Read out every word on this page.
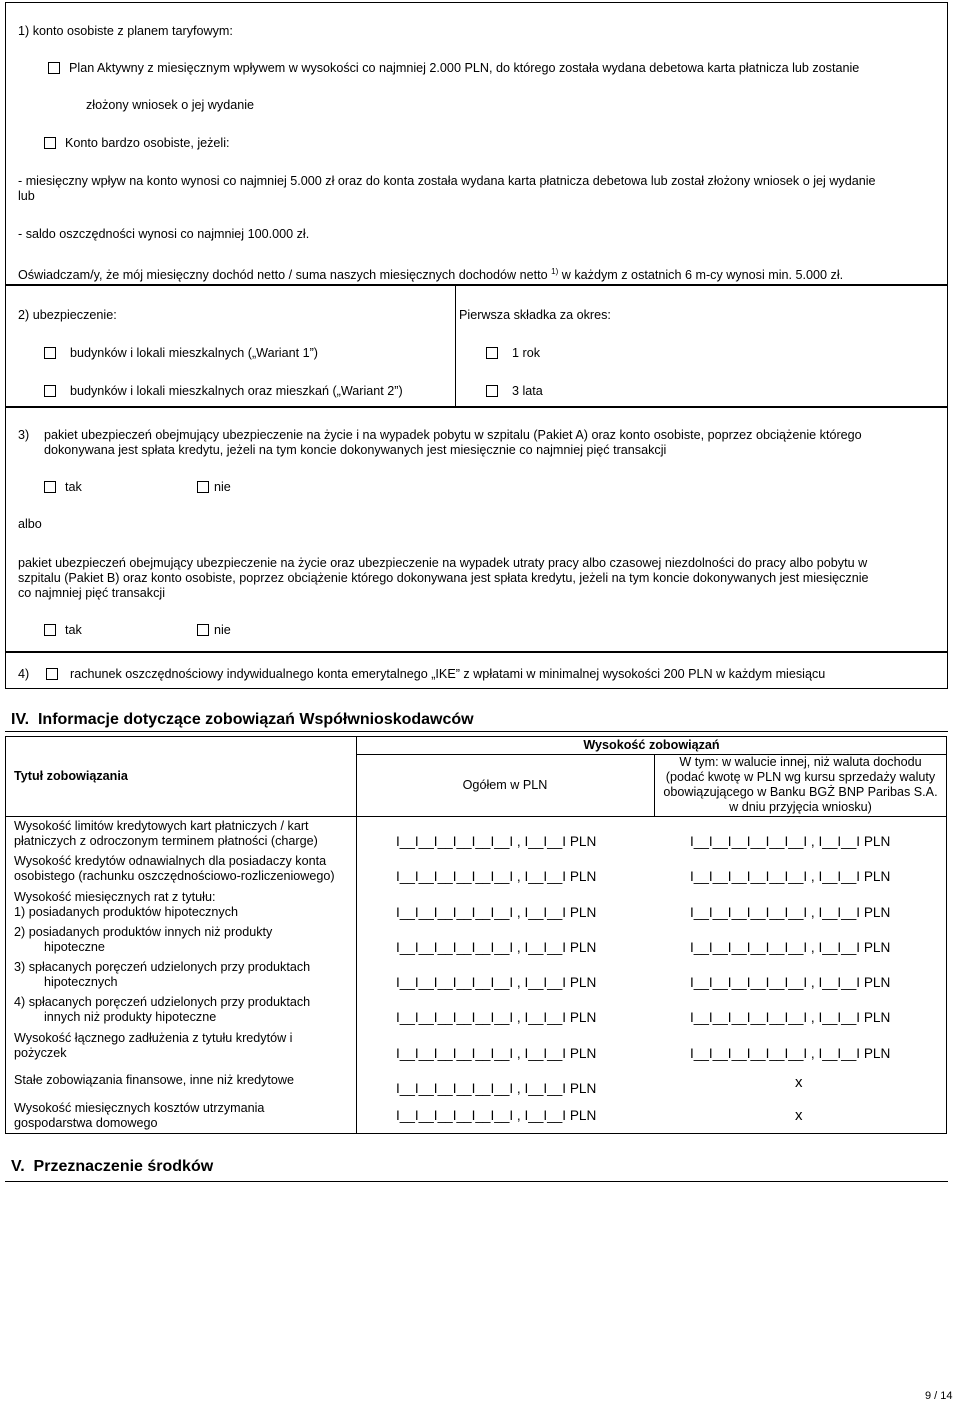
1) konto osobiste z planem taryfowym:
Plan Aktywny z miesięcznym wpływem w wysokości co najmniej 2.000 PLN, do którego została wydana debetowa karta płatnicza lub zostanie
złożony wniosek o jej wydanie
Konto bardzo osobiste, jeżeli:
- miesięczny wpływ na konto wynosi co najmniej 5.000 zł oraz do konta została wydana karta płatnicza debetowa lub został złożony wniosek o jej wydanie
lub
- saldo oszczędności wynosi co najmniej 100.000 zł.
Oświadczam/y, że mój miesięczny dochód netto / suma naszych miesięcznych dochodów netto $^{1)}$ w każdym z ostatnich 6 m-cy wynosi min. 5.000 zł.
2) ubezpieczenie:	Pierwsza składka za okres:
budynków i lokali mieszkalnych („Wariant 1”)
budynków i lokali mieszkalnych oraz mieszkań („Wariant 2”)
1 rok
3 lata
3) pakiet ubezpieczeń obejmujący ubezpieczenie na życie i na wypadek pobytu w szpitalu (Pakiet A) oraz konto osobiste, poprzez obciążenie którego
dokonywana jest spłata kredytu, jeżeli na tym koncie dokonywanych jest miesięcznie co najmniej pięć transakcji
tak	nie
albo
pakiet ubezpieczeń obejmujący ubezpieczenie na życie oraz ubezpieczenie na wypadek utraty pracy albo czasowej niezdolności do pracy albo pobytu w
szpitalu (Pakiet B) oraz konto osobiste, poprzez obciążenie którego dokonywana jest spłata kredytu, jeżeli na tym koncie dokonywanych jest miesięcznie
co najmniej pięć transakcji
tak	nie
4)	rachunek oszczędnościowy indywidualnego konta emerytalnego „IKE” z wpłatami w minimalnej wysokości 200 PLN w każdym miesiącu
IV. Informacje dotyczące zobowiązań Współwnioskodawców
Tytuł zobowiązania
Wysokość zobowiązań
Ogółem w PLN
W tym: w walucie innej, niż waluta dochodu
(podać kwotę w PLN wg kursu sprzedaży waluty
obowiązującego w Banku BGŻ BNP Paribas S.A.
w dniu przyjęcia wniosku)
Wysokość limitów kredytowych kart płatniczych / kart
płatniczych z odroczonym terminem płatności (charge)	I__I__I__I__I__I__I , I__I__I PLN	I__I__I__I__I__I__I , I__I__I PLN
Wysokość kredytów odnawialnych dla posiadaczy konta
osobistego (rachunku oszczędnościowo-rozliczeniowego)	I__I__I__I__I__I__I , I__I__I PLN	I__I__I__I__I__I__I , I__I__I PLN
Wysokość miesięcznych rat z tytułu:
1) posiadanych produktów hipotecznych	I__I__I__I__I__I__I , I__I__I PLN	I__I__I__I__I__I__I , I__I__I PLN
2) posiadanych produktów innych niż produkty
hipoteczne	I__I__I__I__I__I__I , I__I__I PLN	I__I__I__I__I__I__I , I__I__I PLN
3) spłacanych poręczeń udzielonych przy produktach
hipotecznych	I__I__I__I__I__I__I , I__I__I PLN	I__I__I__I__I__I__I , I__I__I PLN
4) spłacanych poręczeń udzielonych przy produktach
innych niż produkty hipoteczne	I__I__I__I__I__I__I , I__I__I PLN	I__I__I__I__I__I__I , I__I__I PLN
Wysokość łącznego zadłużenia z tytułu kredytów i
pożyczek	I__I__I__I__I__I__I , I__I__I PLN	I__I__I__I__I__I__I , I__I__I PLN
Stałe zobowiązania finansowe, inne niż kredytowe
I__I__I__I__I__I__I , I__I__I PLN	x
Wysokość miesięcznych kosztów utrzymania
gospodarstwa domowego	I__I__I__I__I__I__I , I__I__I PLN	x
V. Przeznaczenie środków
9 / 14
